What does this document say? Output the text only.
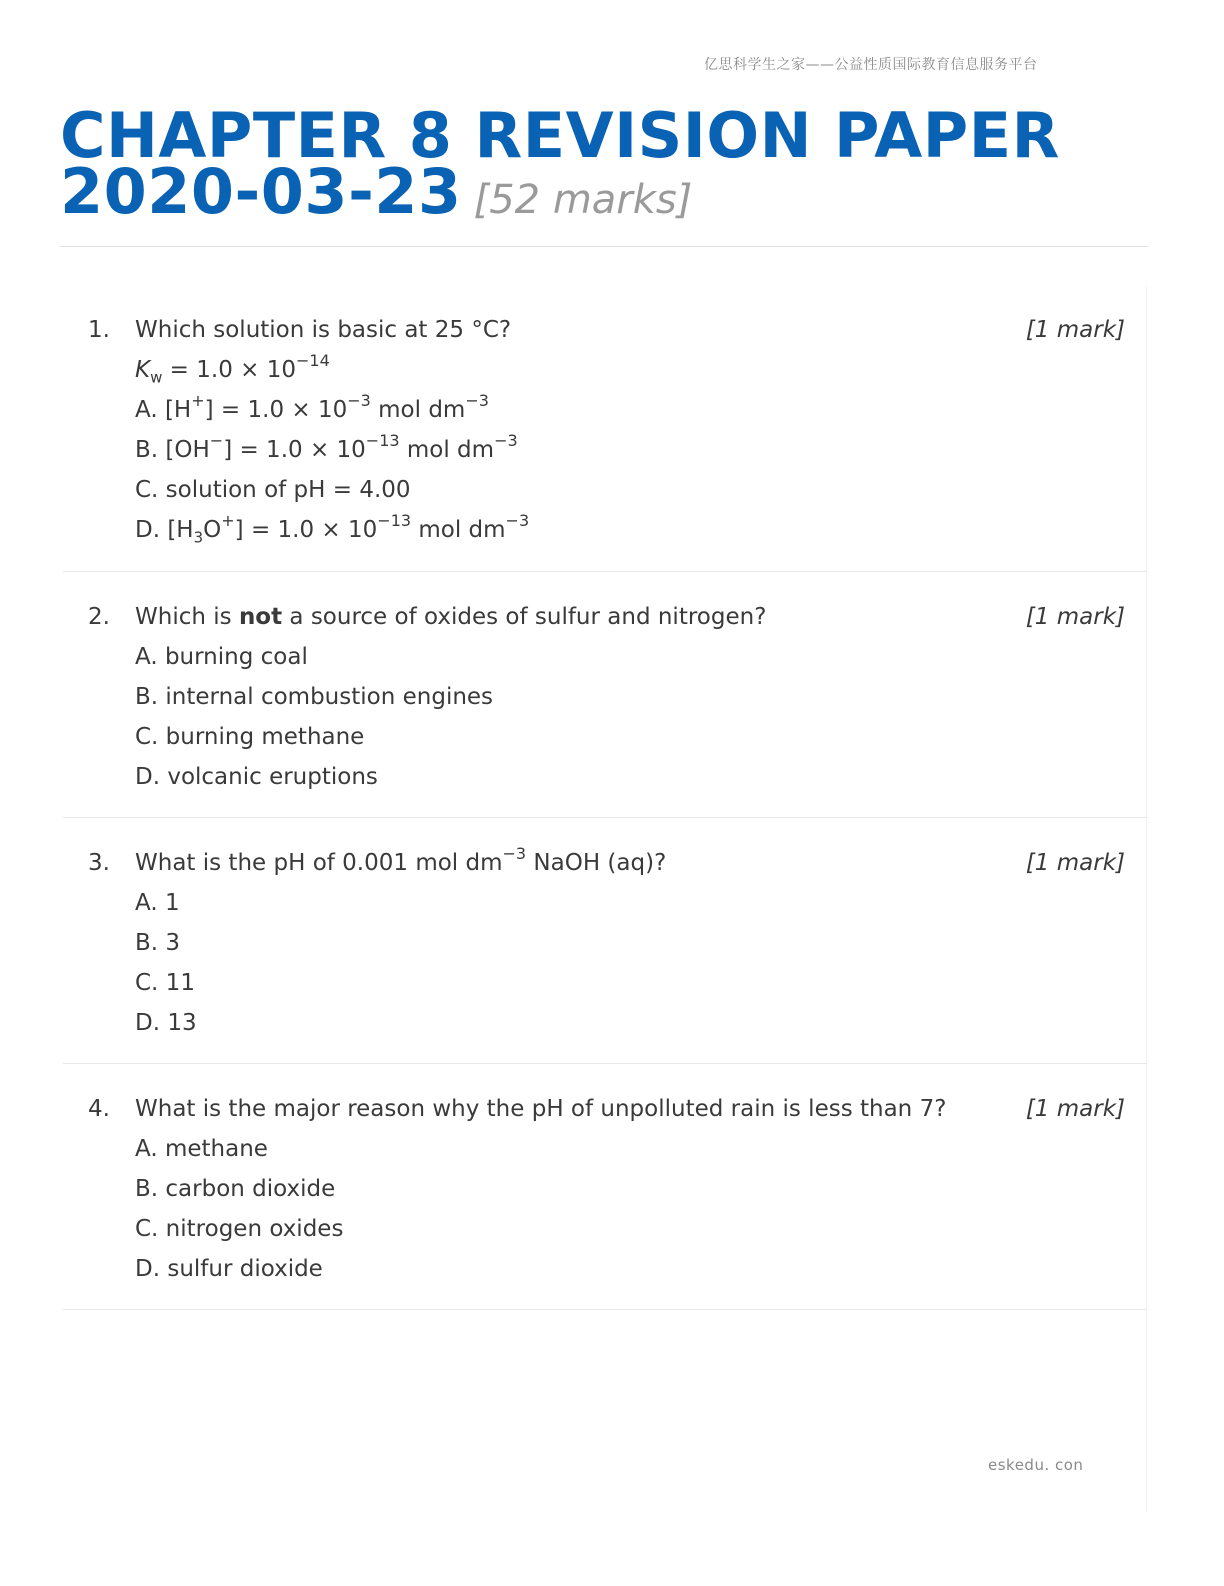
亿思科学生之家——公益性质国际教育信息服务平台
CHAPTER 8 REVISION PAPER
2020-03-23 [52 marks]
1.	[1 mark]
Which solution is basic at 25 °C?
$K_w = 1.0 \times 10^{-14}$
A. $[H^+] = 1.0 \times 10^{-3}$ mol $dm^{-3}$
B. $[OH^-] = 1.0 \times 10^{-13}$ mol $dm^{-3}$
C. solution of pH = 4.00
D. $[H_3O^+] = 1.0 \times 10^{-13}$ mol $dm^{-3}$
2.	[1 mark]
Which is not a source of oxides of sulfur and nitrogen?
A. burning coal
B. internal combustion engines
C. burning methane
D. volcanic eruptions
3.	[1 mark]
What is the pH of 0.001 mol $dm^{-3}$ NaOH (aq)?
A. 1
B. 3
C. 11
D. 13
4.	[1 mark]
What is the major reason why the pH of unpolluted rain is less than 7?
A. methane
B. carbon dioxide
C. nitrogen oxides
D. sulfur dioxide
eskedu. con
